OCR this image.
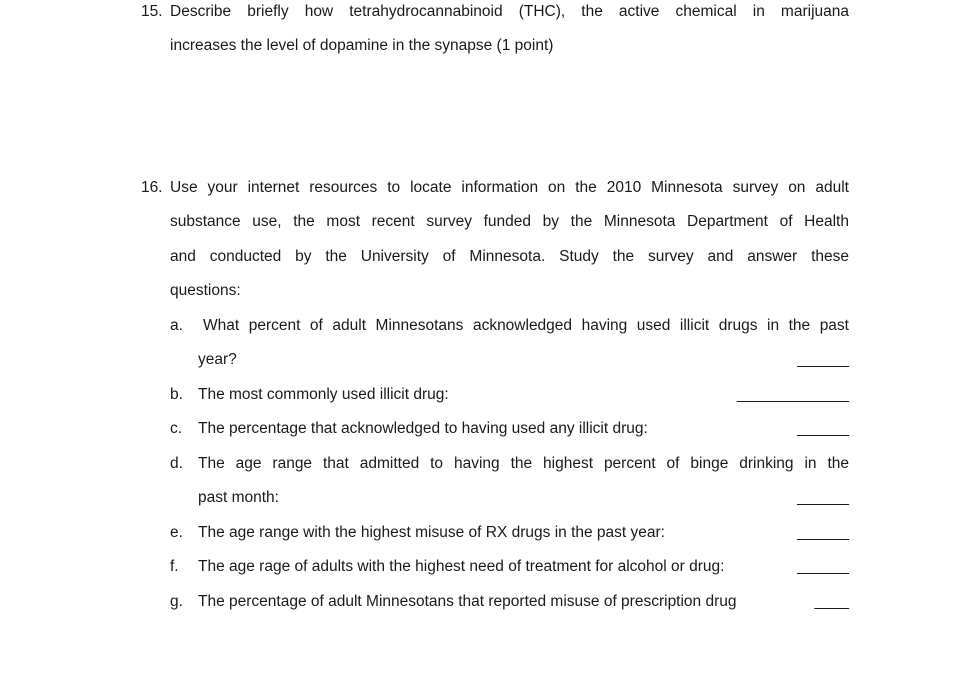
15. Describe briefly how tetrahydrocannabinoid (THC), the active chemical in marijuana
increases the level of dopamine in the synapse (1 point)
16. Use your internet resources to locate information on the 2010 Minnesota survey on adult
substance use, the most recent survey funded by the Minnesota Department of Health
and conducted by the University of Minnesota. Study the survey and answer these
questions:
a. What percent of adult Minnesotans acknowledged having used illicit drugs in the past
year?	______
b. The most commonly used illicit drug:	_____________
c. The percentage that acknowledged to having used any illicit drug:	______
d. The age range that admitted to having the highest percent of binge drinking in the
past month:	______
e. The age range with the highest misuse of RX drugs in the past year:	______
f. The age rage of adults with the highest need of treatment for alcohol or drug:	______
g. The percentage of adult Minnesotans that reported misuse of prescription drug	____
